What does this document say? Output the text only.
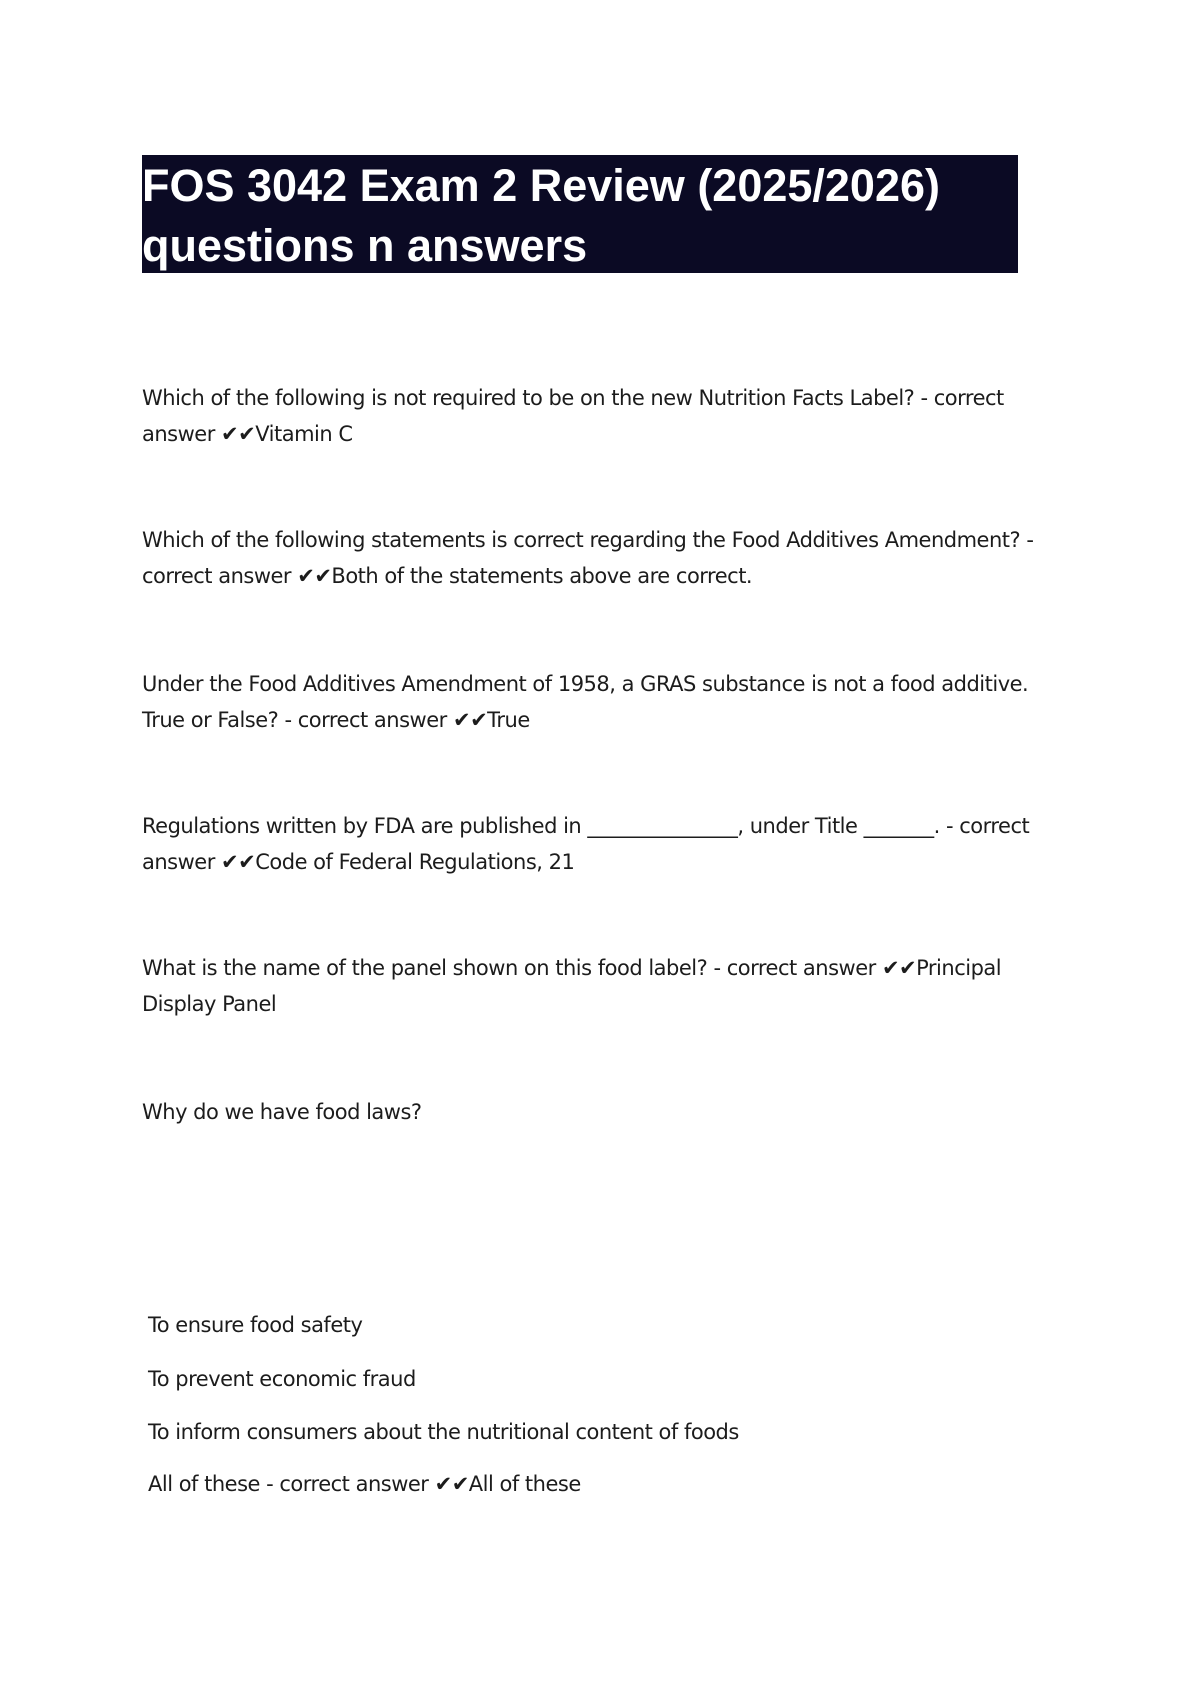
FOS 3042 Exam 2 Review (2025/2026)
questions n answers
Which of the following is not required to be on the new Nutrition Facts Label? - correct answer ✔✔Vitamin C
Which of the following statements is correct regarding the Food Additives Amendment? - correct answer ✔✔Both of the statements above are correct.
Under the Food Additives Amendment of 1958, a GRAS substance is not a food additive. True or False? - correct answer ✔✔True
Regulations written by FDA are published in _______________, under Title _______. - correct answer ✔✔Code of Federal Regulations, 21
What is the name of the panel shown on this food label? - correct answer ✔✔Principal Display Panel
Why do we have food laws?
To ensure food safety
To prevent economic fraud
To inform consumers about the nutritional content of foods
All of these - correct answer ✔✔All of these
